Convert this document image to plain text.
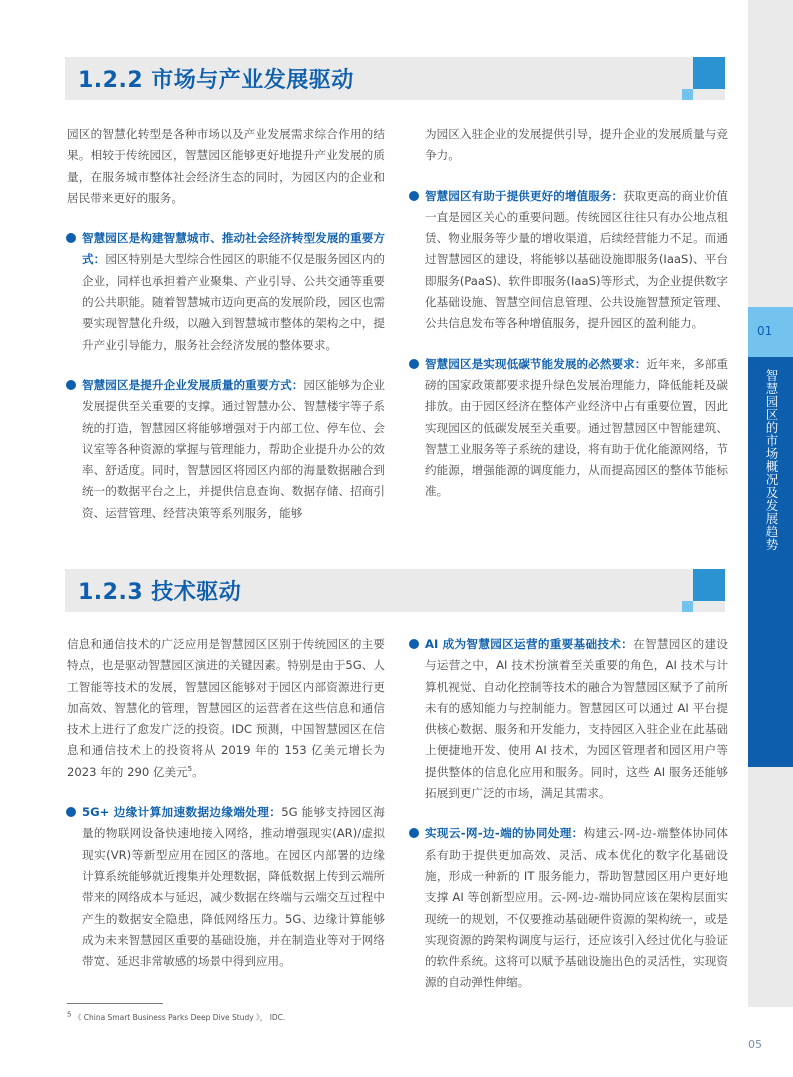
1.2.2 市场与产业发展驱动

园区的智慧化转型是各种市场以及产业发展需求综合作用的结果。相较于传统园区，智慧园区能够更好地提升产业发展的质量，在服务城市整体社会经济生态的同时，为园区内的企业和居民带来更好的服务。

智慧园区是构建智慧城市、推动社会经济转型发展的重要方式：园区特别是大型综合性园区的职能不仅是服务园区内的企业，同样也承担着产业聚集、产业引导、公共交通等重要的公共职能。随着智慧城市迈向更高的发展阶段，园区也需要实现智慧化升级，以融入到智慧城市整体的架构之中，提升产业引导能力，服务社会经济发展的整体要求。
智慧园区是提升企业发展质量的重要方式：园区能够为企业发展提供至关重要的支撑。通过智慧办公、智慧楼宇等子系统的打造，智慧园区将能够增强对于内部工位、停车位、会议室等各种资源的掌握与管理能力，帮助企业提升办公的效率、舒适度。同时，智慧园区将园区内部的海量数据融合到统一的数据平台之上，并提供信息查询、数据存储、招商引资、运营管理、经营决策等系列服务，能够

为园区入驻企业的发展提供引导，提升企业的发展质量与竞争力。

智慧园区有助于提供更好的增值服务：获取更高的商业价值一直是园区关心的重要问题。传统园区往往只有办公地点租赁、物业服务等少量的增收渠道，后续经营能力不足。而通过智慧园区的建设，将能够以基础设施即服务(IaaS)、平台即服务(PaaS)、软件即服务(IaaS)等形式，为企业提供数字化基础设施、智慧空间信息管理、公共设施智慧预定管理、公共信息发布等各种增值服务，提升园区的盈利能力。
智慧园区是实现低碳节能发展的必然要求：近年来，多部重磅的国家政策都要求提升绿色发展治理能力，降低能耗及碳排放。由于园区经济在整体产业经济中占有重要位置，因此实现园区的低碳发展至关重要。通过智慧园区中智能建筑、智慧工业服务等子系统的建设，将有助于优化能源网络，节约能源，增强能源的调度能力，从而提高园区的整体节能标准。
1.2.3 技术驱动

信息和通信技术的广泛应用是智慧园区区别于传统园区的主要特点，也是驱动智慧园区演进的关键因素。特别是由于5G、人工智能等技术的发展，智慧园区能够对于园区内部资源进行更加高效、智慧化的管理，智慧园区的运营者在这些信息和通信技术上进行了愈发广泛的投资。IDC 预测，中国智慧园区在信息和通信技术上的投资将从 2019 年的 153 亿美元增长为 2023 年的 290 亿美元$^5$。

5G+ 边缘计算加速数据边缘端处理：5G 能够支持园区海量的物联网设备快速地接入网络，推动增强现实(AR)/虚拟现实(VR)等新型应用在园区的落地。在园区内部署的边缘计算系统能够就近搜集并处理数据，降低数据上传到云端所带来的网络成本与延迟，减少数据在终端与云端交互过程中产生的数据安全隐患，降低网络压力。5G、边缘计算能够成为未来智慧园区重要的基础设施，并在制造业等对于网络带宽、延迟非常敏感的场景中得到应用。
AI 成为智慧园区运营的重要基础技术：在智慧园区的建设与运营之中，AI 技术扮演着至关重要的角色，AI 技术与计算机视觉、自动化控制等技术的融合为智慧园区赋予了前所未有的感知能力与控制能力。智慧园区可以通过 AI 平台提供核心数据、服务和开发能力，支持园区入驻企业在此基础上便捷地开发、使用 AI 技术，为园区管理者和园区用户等提供整体的信息化应用和服务。同时，这些 AI 服务还能够拓展到更广泛的市场，满足其需求。
实现云-网-边-端的协同处理：构建云-网-边-端整体协同体系有助于提供更加高效、灵活、成本优化的数字化基础设施，形成一种新的 IT 服务能力，帮助智慧园区用户更好地支撑 AI 等创新型应用。云-网-边-端协同应该在架构层面实现统一的规划，不仅要推动基础硬件资源的架构统一，或是实现资源的跨架构调度与运行，还应该引入经过优化与验证的软件系统。这将可以赋予基础设施出色的灵活性，实现资源的自动弹性伸缩。
5 《 China Smart Business Parks Deep Dive Study 》， IDC.
01
智慧园区的市场概况及发展趋势
05
